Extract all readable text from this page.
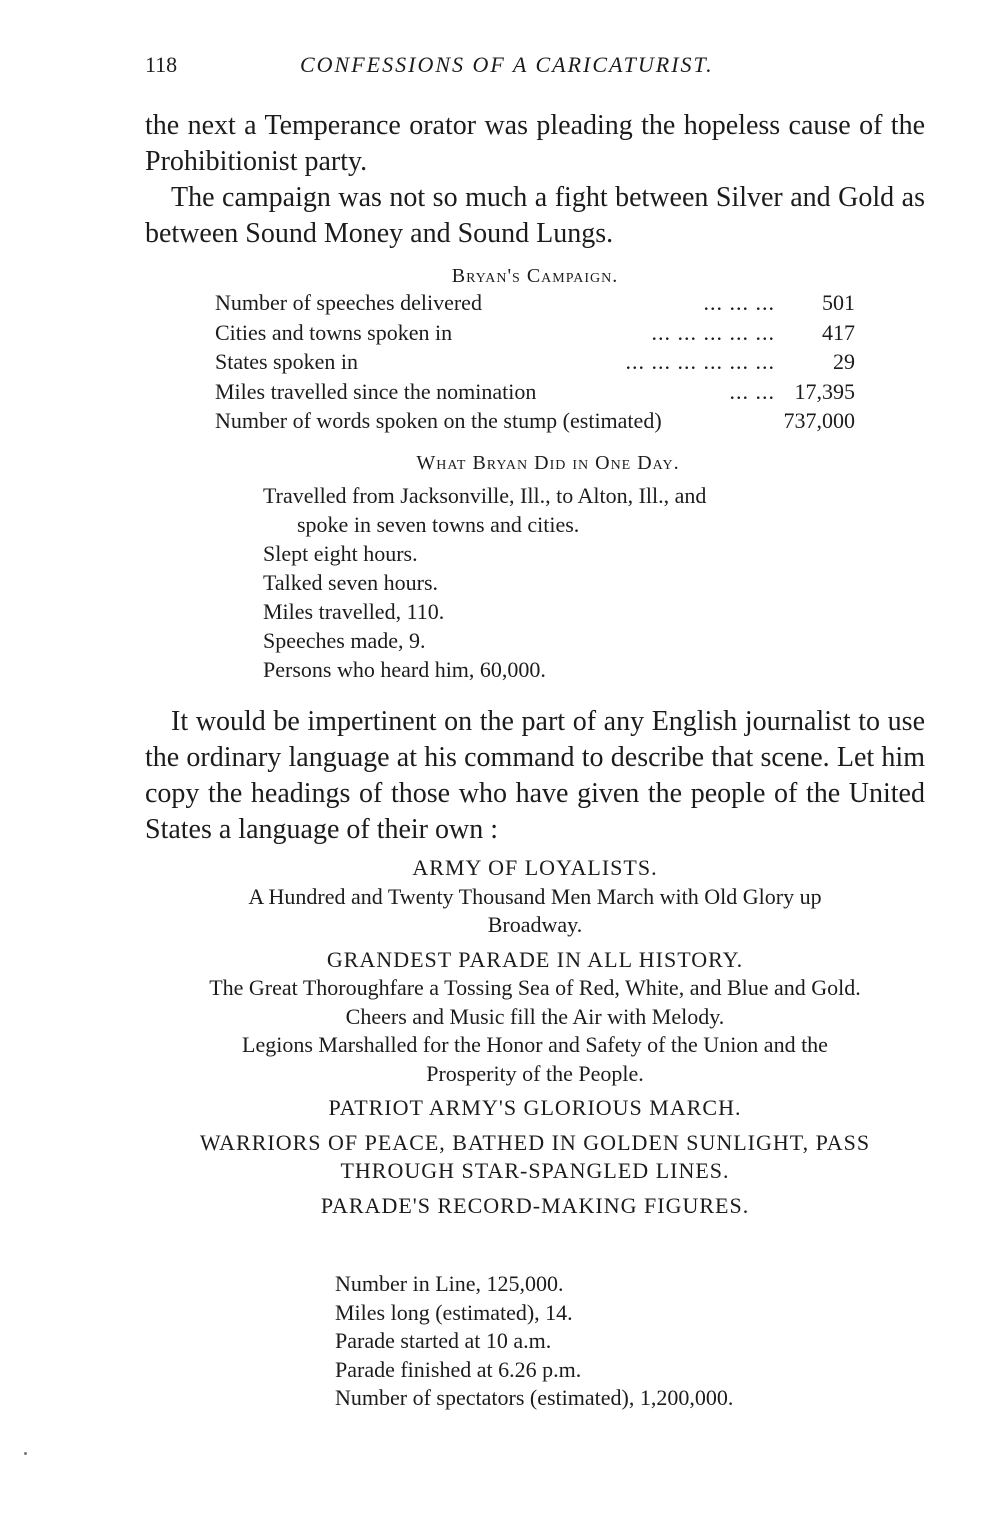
118	CONFESSIONS OF A CARICATURIST.

the next a Temperance orator was pleading the hopeless cause of the Prohibitionist party.

The campaign was not so much a fight between Silver and Gold as between Sound Money and Sound Lungs.

Bryan's Campaign.
Number of speeches delivered	... ... ...	501
Cities and towns spoken in	... ... ... ... ...	417
States spoken in	... ... ... ... ... ...	29
Miles travelled since the nomination	... ... 17,395
Number of words spoken on the stump (estimated)	737,000
What Bryan Did in One Day.
Travelled from Jacksonville, Ill., to Alton, Ill., and
spoke in seven towns and cities.
Slept eight hours.
Talked seven hours.
Miles travelled, 110.
Speeches made, 9.
Persons who heard him, 60,000.

It would be impertinent on the part of any English journalist to use the ordinary language at his command to describe that scene. Let him copy the headings of those who have given the people of the United States a language of their own :

ARMY OF LOYALISTS.
A Hundred and Twenty Thousand Men March with Old Glory up Broadway.
GRANDEST PARADE IN ALL HISTORY.
The Great Thoroughfare a Tossing Sea of Red, White, and Blue and Gold.
Cheers and Music fill the Air with Melody.
Legions Marshalled for the Honor and Safety of the Union and the Prosperity of the People.
PATRIOT ARMY'S GLORIOUS MARCH.
WARRIORS OF PEACE, BATHED IN GOLDEN SUNLIGHT, PASS THROUGH STAR-SPANGLED LINES.
PARADE'S RECORD-MAKING FIGURES.
Number in Line, 125,000.
Miles long (estimated), 14.
Parade started at 10 a.m.
Parade finished at 6.26 p.m.
Number of spectators (estimated), 1,200,000.
